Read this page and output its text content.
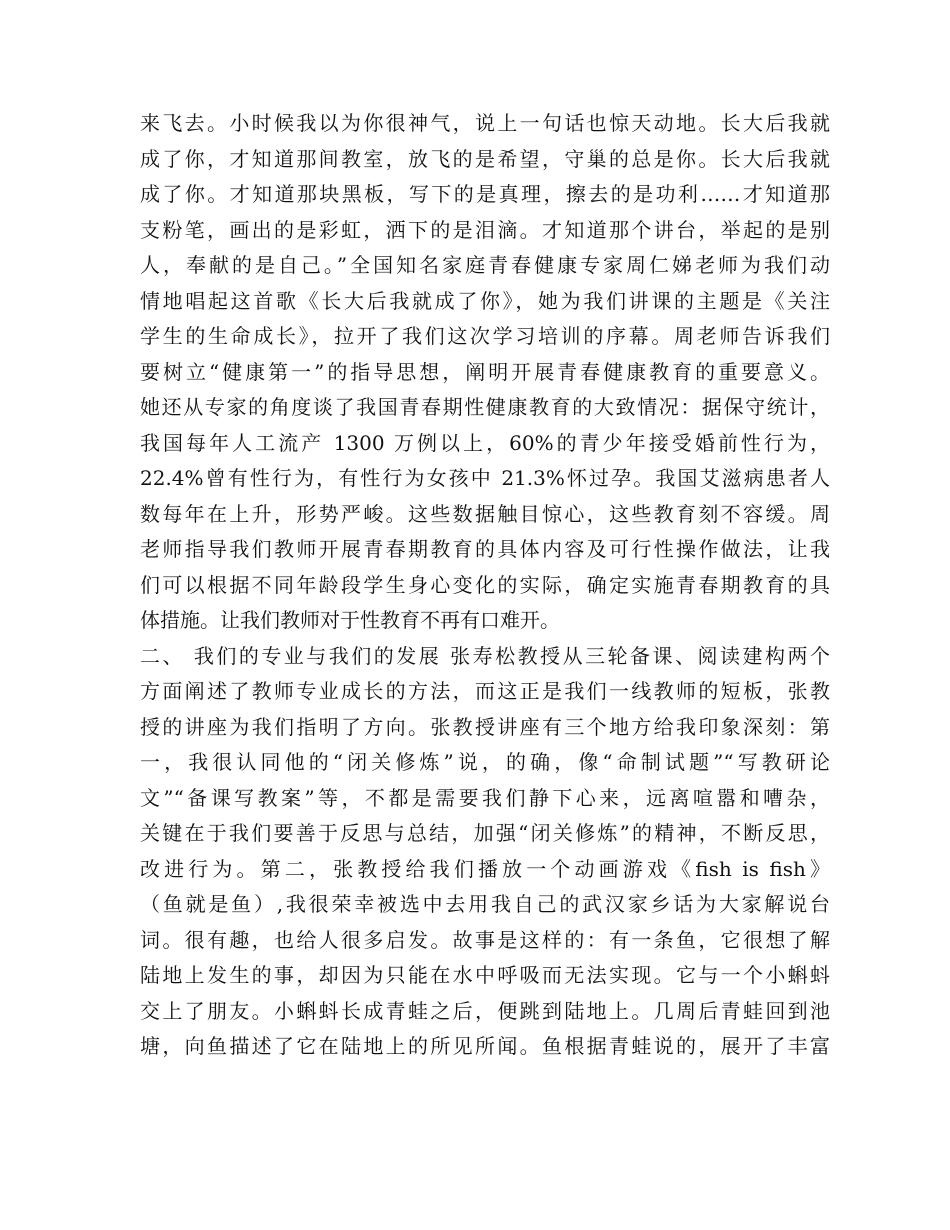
来飞去。小时候我以为你很神气，说上一句话也惊天动地。长大后我就
成了你，才知道那间教室，放飞的是希望，守巢的总是你。长大后我就
成了你。才知道那块黑板，写下的是真理，擦去的是功利……才知道那
支粉笔，画出的是彩虹，洒下的是泪滴。才知道那个讲台，举起的是别
人，奉献的是自己。”全国知名家庭青春健康专家周仁娣老师为我们动
情地唱起这首歌《长大后我就成了你》，她为我们讲课的主题是《关注
学生的生命成长》，拉开了我们这次学习培训的序幕。周老师告诉我们
要树立“健康第一”的指导思想，阐明开展青春健康教育的重要意义。
她还从专家的角度谈了我国青春期性健康教育的大致情况：据保守统计，
我国每年人工流产 1300 万例以上，60%的青少年接受婚前性行为，
22.4%曾有性行为，有性行为女孩中 21.3%怀过孕。我国艾滋病患者人
数每年在上升，形势严峻。这些数据触目惊心，这些教育刻不容缓。周
老师指导我们教师开展青春期教育的具体内容及可行性操作做法，让我
们可以根据不同年龄段学生身心变化的实际，确定实施青春期教育的具
体措施。让我们教师对于性教育不再有口难开。
二、 我们的专业与我们的发展 张寿松教授从三轮备课、阅读建构两个
方面阐述了教师专业成长的方法，而这正是我们一线教师的短板，张教
授的讲座为我们指明了方向。张教授讲座有三个地方给我印象深刻：第
一，我很认同他的“闭关修炼”说，的确，像“命制试题”“写教研论
文”“备课写教案”等，不都是需要我们静下心来，远离喧嚣和嘈杂，
关键在于我们要善于反思与总结，加强“闭关修炼”的精神，不断反思，
改进行为。第二，张教授给我们播放一个动画游戏《fish is fish》
（鱼就是鱼）,我很荣幸被选中去用我自己的武汉家乡话为大家解说台
词。很有趣，也给人很多启发。故事是这样的：有一条鱼，它很想了解
陆地上发生的事，却因为只能在水中呼吸而无法实现。它与一个小蝌蚪
交上了朋友。小蝌蚪长成青蛙之后，便跳到陆地上。几周后青蛙回到池
塘，向鱼描述了它在陆地上的所见所闻。鱼根据青蛙说的，展开了丰富
